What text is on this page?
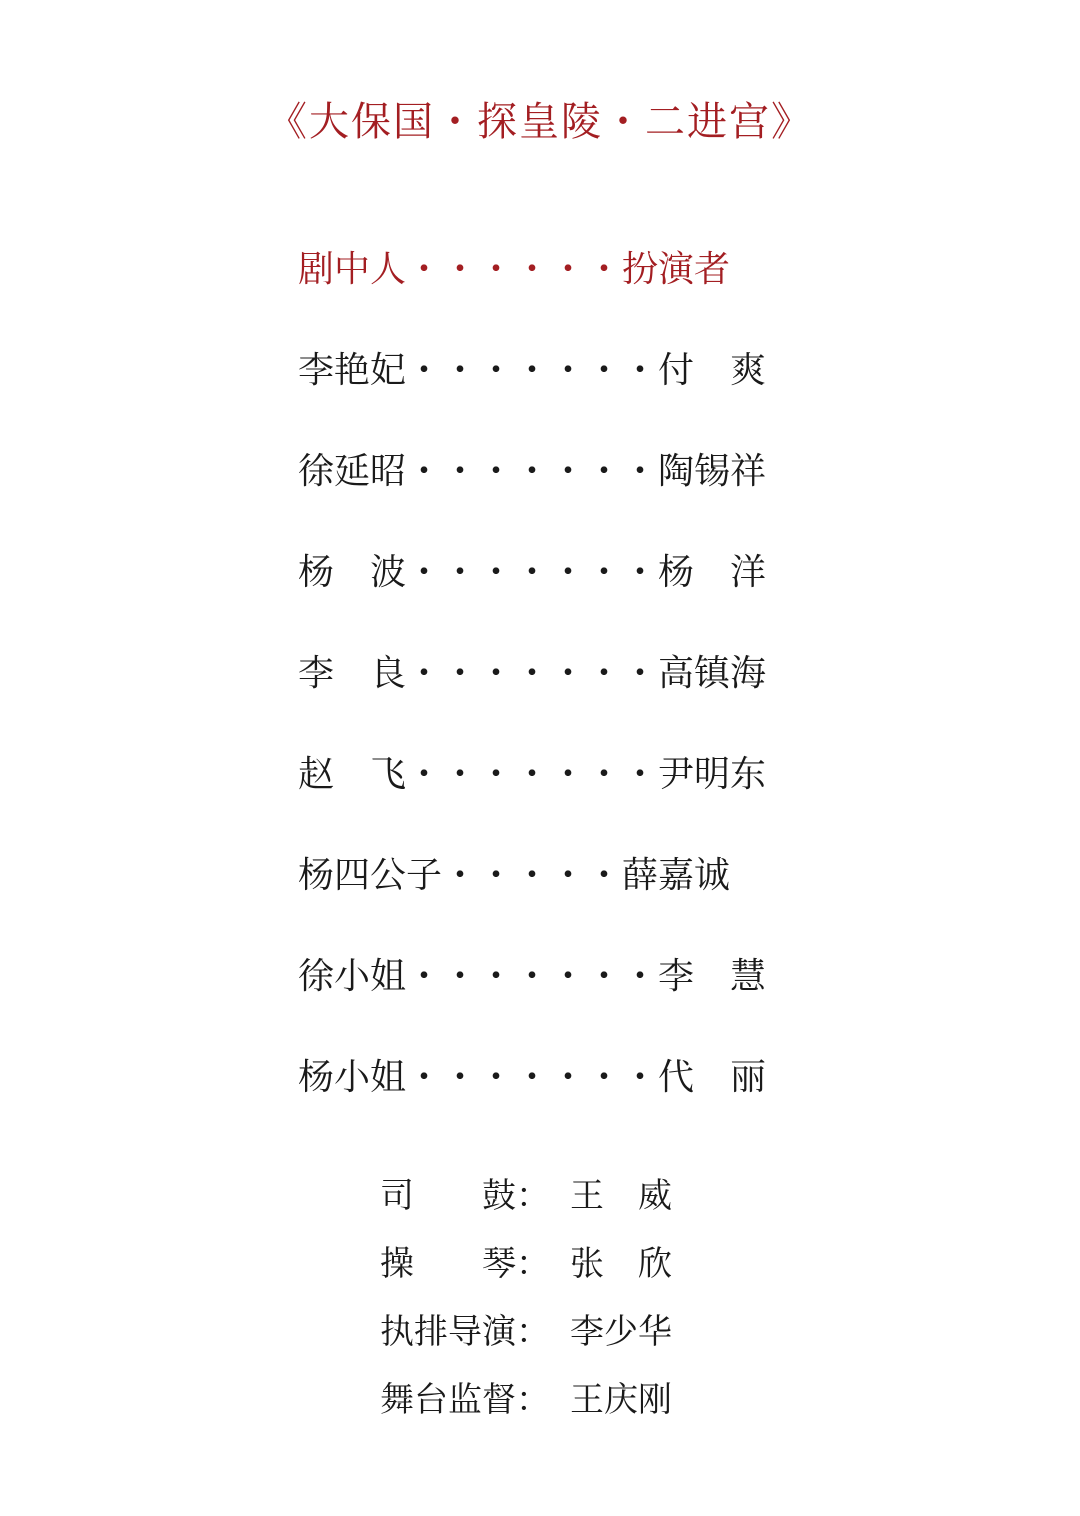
《大保国・探皇陵・二进宫》
剧中人 ・・・・・・ 扮演者
李艳妃 ・・・・・・・ 付　爽
徐延昭 ・・・・・・・ 陶锡祥
杨　波 ・・・・・・・ 杨　洋
李　良 ・・・・・・・ 高镇海
赵　飞 ・・・・・・・ 尹明东
杨四公子 ・・・・・ 薛嘉诚
徐小姐 ・・・・・・・ 李　慧
杨小姐 ・・・・・・・ 代　丽
司　　鼓： 王　威
操　　琴： 张　欣
执排导演： 李少华
舞台监督： 王庆刚
